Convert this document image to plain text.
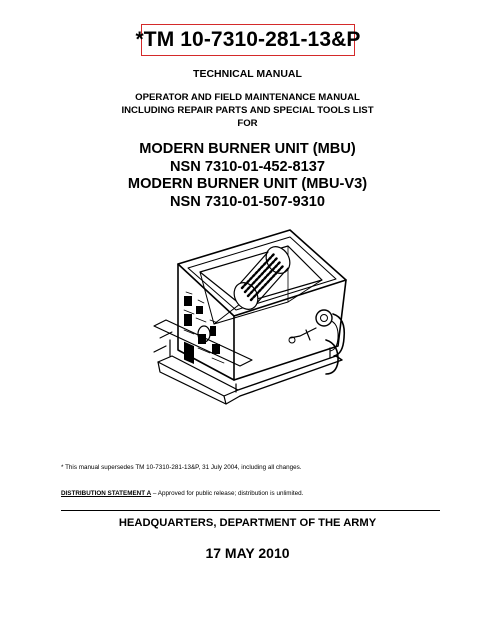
*TM 10-7310-281-13&P
TECHNICAL MANUAL
OPERATOR AND FIELD MAINTENANCE MANUAL
INCLUDING REPAIR PARTS AND SPECIAL TOOLS LIST
FOR
MODERN BURNER UNIT (MBU)
NSN 7310-01-452-8137
MODERN BURNER UNIT (MBU-V3)
NSN 7310-01-507-9310
* This manual supersedes TM 10-7310-281-13&P, 31 July 2004, including all changes.
DISTRIBUTION STATEMENT A – Approved for public release; distribution is unlimited.
HEADQUARTERS, DEPARTMENT OF THE ARMY
17 MAY 2010
